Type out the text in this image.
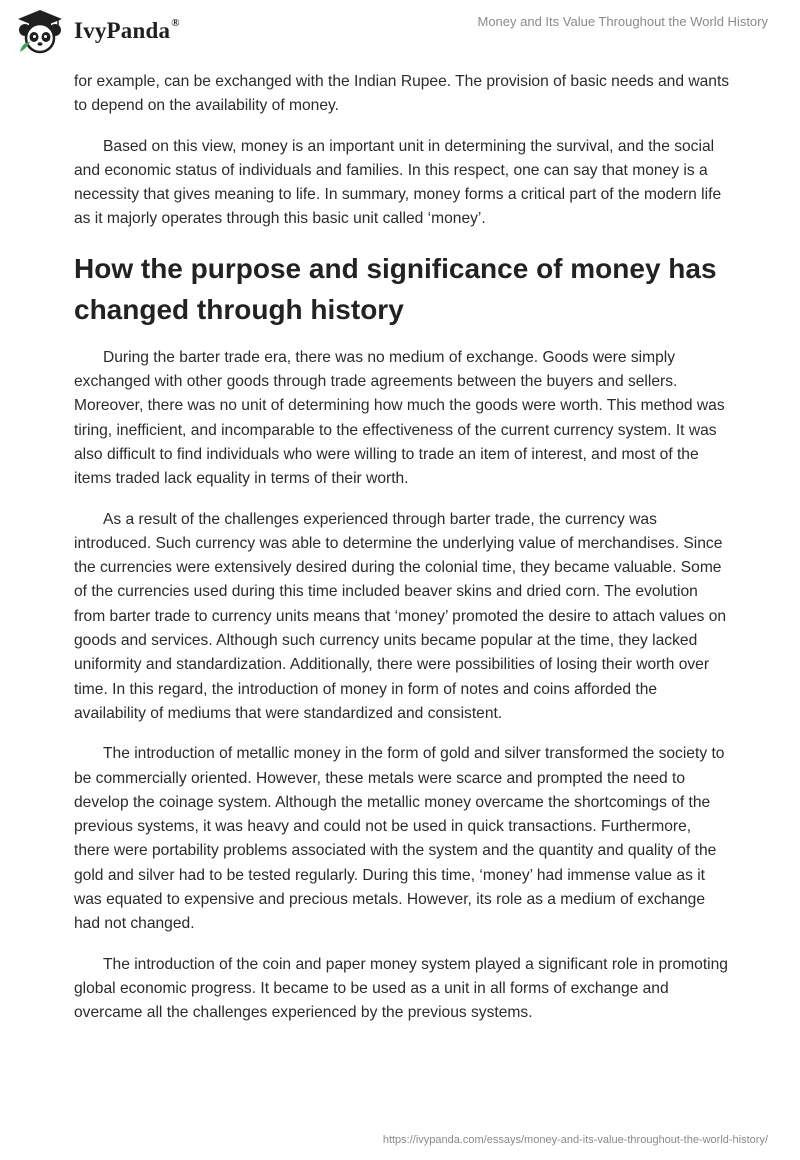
IvyPanda®	Money and Its Value Throughout the World History

for example, can be exchanged with the Indian Rupee. The provision of basic needs and wants to depend on the availability of money.

Based on this view, money is an important unit in determining the survival, and the social and economic status of individuals and families. In this respect, one can say that money is a necessity that gives meaning to life. In summary, money forms a critical part of the modern life as it majorly operates through this basic unit called ‘money’.

How the purpose and significance of money has changed through history

During the barter trade era, there was no medium of exchange. Goods were simply exchanged with other goods through trade agreements between the buyers and sellers. Moreover, there was no unit of determining how much the goods were worth. This method was tiring, inefficient, and incomparable to the effectiveness of the current currency system. It was also difficult to find individuals who were willing to trade an item of interest, and most of the items traded lack equality in terms of their worth.

As a result of the challenges experienced through barter trade, the currency was introduced. Such currency was able to determine the underlying value of merchandises. Since the currencies were extensively desired during the colonial time, they became valuable. Some of the currencies used during this time included beaver skins and dried corn. The evolution from barter trade to currency units means that ‘money’ promoted the desire to attach values on goods and services. Although such currency units became popular at the time, they lacked uniformity and standardization. Additionally, there were possibilities of losing their worth over time. In this regard, the introduction of money in form of notes and coins afforded the availability of mediums that were standardized and consistent.

The introduction of metallic money in the form of gold and silver transformed the society to be commercially oriented. However, these metals were scarce and prompted the need to develop the coinage system. Although the metallic money overcame the shortcomings of the previous systems, it was heavy and could not be used in quick transactions. Furthermore, there were portability problems associated with the system and the quantity and quality of the gold and silver had to be tested regularly. During this time, ‘money’ had immense value as it was equated to expensive and precious metals. However, its role as a medium of exchange had not changed.

The introduction of the coin and paper money system played a significant role in promoting global economic progress. It became to be used as a unit in all forms of exchange and overcame all the challenges experienced by the previous systems.

https://ivypanda.com/essays/money-and-its-value-throughout-the-world-history/
